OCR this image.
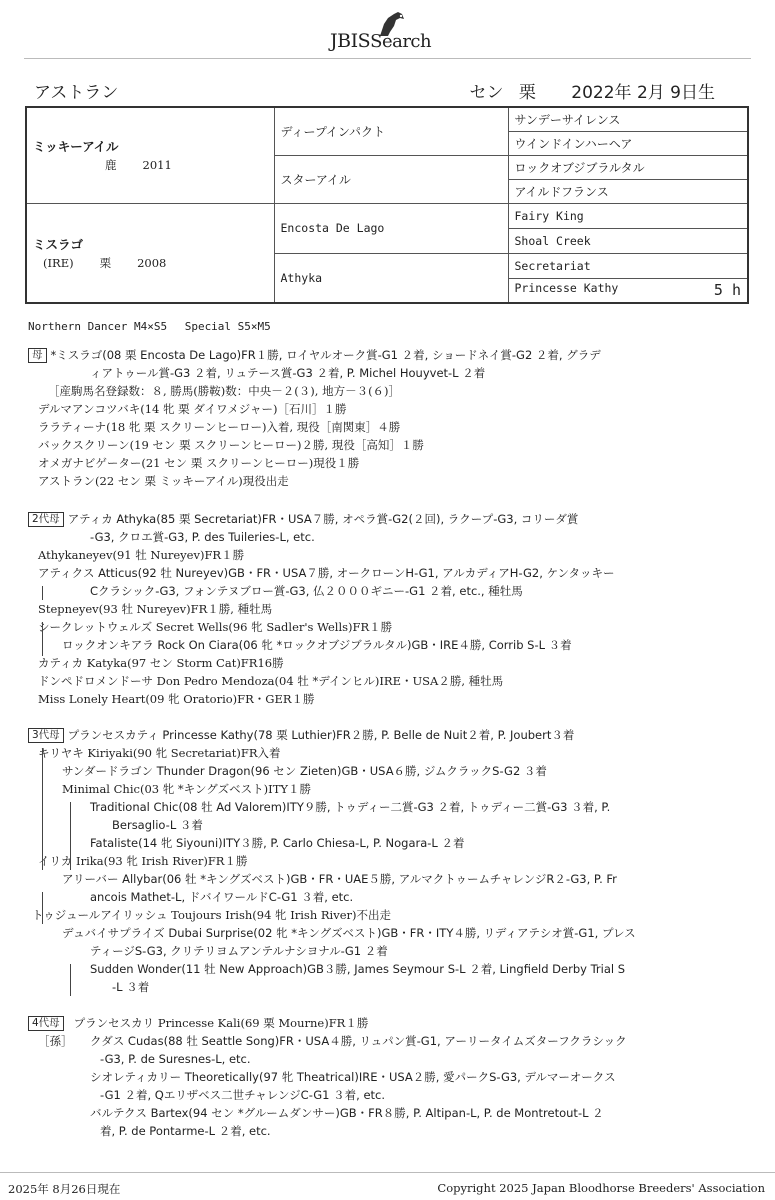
JBISSearch
アストラン	セン 栗 2022年 2月 9日生
ミッキーアイル
鹿 2011	ディープインパクト	サンデーサイレンス
		ウインドインハーヘア
	スターアイル	ロックオブジブラルタル
		アイルドフランス

ミスラゴ
(IRE) 栗 2008	Encosta De Lago	Fairy King
		Shoal Creek
	Athyka	Secretariat
		Princesse Kathy 5 h
Northern Dancer M4×S5　 Special S5×M5
母 *ミスラゴ(08 栗 Encosta De Lago)FR１勝, ロイヤルオーク賞-G1 ２着, ショードネイ賞-G2 ２着, グラデ
ィアトゥール賞-G3 ２着, リュテース賞-G3 ２着, P. Michel Houyvet-L ２着
［産駒馬名登録数：８, 勝馬(勝鞍)数：中央－２(３), 地方－３(６)］
デルマアンコツバキ(14 牝 栗 ダイワメジャー)［石川］１勝
ララティーナ(18 牝 栗 スクリーンヒーロー)入着, 現役［南関東］４勝
バックスクリーン(19 セン 栗 スクリーンヒーロー)２勝, 現役［高知］１勝
オメガナビゲーター(21 セン 栗 スクリーンヒーロー)現役１勝
アストラン(22 セン 栗 ミッキーアイル)現役出走
2代母 アティカ Athyka(85 栗 Secretariat)FR・USA７勝, オペラ賞-G2(２回), ラクープ-G3, コリーダ賞
-G3, クロエ賞-G3, P. des Tuileries-L, etc.
Athykaneyev(91 牡 Nureyev)FR１勝
アティクス Atticus(92 牡 Nureyev)GB・FR・USA７勝, オークローンH-G1, アルカディアH-G2, ケンタッキー
Cクラシック-G3, フォンテヌブロー賞-G3, 仏２０００ギニー-G1 ２着, etc., 種牡馬
Stepneyev(93 牡 Nureyev)FR１勝, 種牡馬
シークレットウェルズ Secret Wells(96 牝 Sadler's Wells)FR１勝
ロックオンキアラ Rock On Ciara(06 牝 *ロックオブジブラルタル)GB・IRE４勝, Corrib S-L ３着
カティカ Katyka(97 セン Storm Cat)FR16勝
ドンペドロメンドーサ Don Pedro Mendoza(04 牡 *デインヒル)IRE・USA２勝, 種牡馬
Miss Lonely Heart(09 牝 Oratorio)FR・GER１勝
3代母 プランセスカティ Princesse Kathy(78 栗 Luthier)FR２勝, P. Belle de Nuit２着, P. Joubert３着
キリヤキ Kiriyaki(90 牝 Secretariat)FR入着
サンダードラゴン Thunder Dragon(96 セン Zieten)GB・USA６勝, ジムクラックS-G2 ３着
Minimal Chic(03 牝 *キングズベスト)ITY１勝
Traditional Chic(08 牡 Ad Valorem)ITY９勝, トゥディー二賞-G3 ２着, トゥディー二賞-G3 ３着, P.
Bersaglio-L ３着
Fataliste(14 牝 Siyouni)ITY３勝, P. Carlo Chiesa-L, P. Nogara-L ２着
イリカ Irika(93 牝 Irish River)FR１勝
アリーバー Allybar(06 牡 *キングズベスト)GB・FR・UAE５勝, アルマクトゥームチャレンジR２-G3, P. Fr
ancois Mathet-L, ドバイワールドC-G1 ３着, etc.
トゥジュールアイリッシュ Toujours Irish(94 牝 Irish River)不出走
デュバイサプライズ Dubai Surprise(02 牝 *キングズベスト)GB・FR・ITY４勝, リディアテシオ賞-G1, プレス
ティージS-G3, クリテリヨムアンテルナシヨナル-G1 ２着
Sudden Wonder(11 牡 New Approach)GB３勝, James Seymour S-L ２着, Lingfield Derby Trial S
-L ３着
4代母 プランセスカリ Princesse Kali(69 栗 Mourne)FR１勝
［孫］	クダス Cudas(88 牡 Seattle Song)FR・USA４勝, リュパン賞-G1, アーリータイムズターフクラシック
-G3, P. de Suresnes-L, etc.
シオレティカリー Theoretically(97 牝 Theatrical)IRE・USA２勝, 愛パークS-G3, デルマーオークス
-G1 ２着, Qエリザベス二世チャレンジC-G1 ３着, etc.
バルテクス Bartex(94 セン *グルームダンサー)GB・FR８勝, P. Altipan-L, P. de Montretout-L ２
着, P. de Pontarme-L ２着, etc.
2025年 8月26日現在	Copyright 2025 Japan Bloodhorse Breeders' Association
